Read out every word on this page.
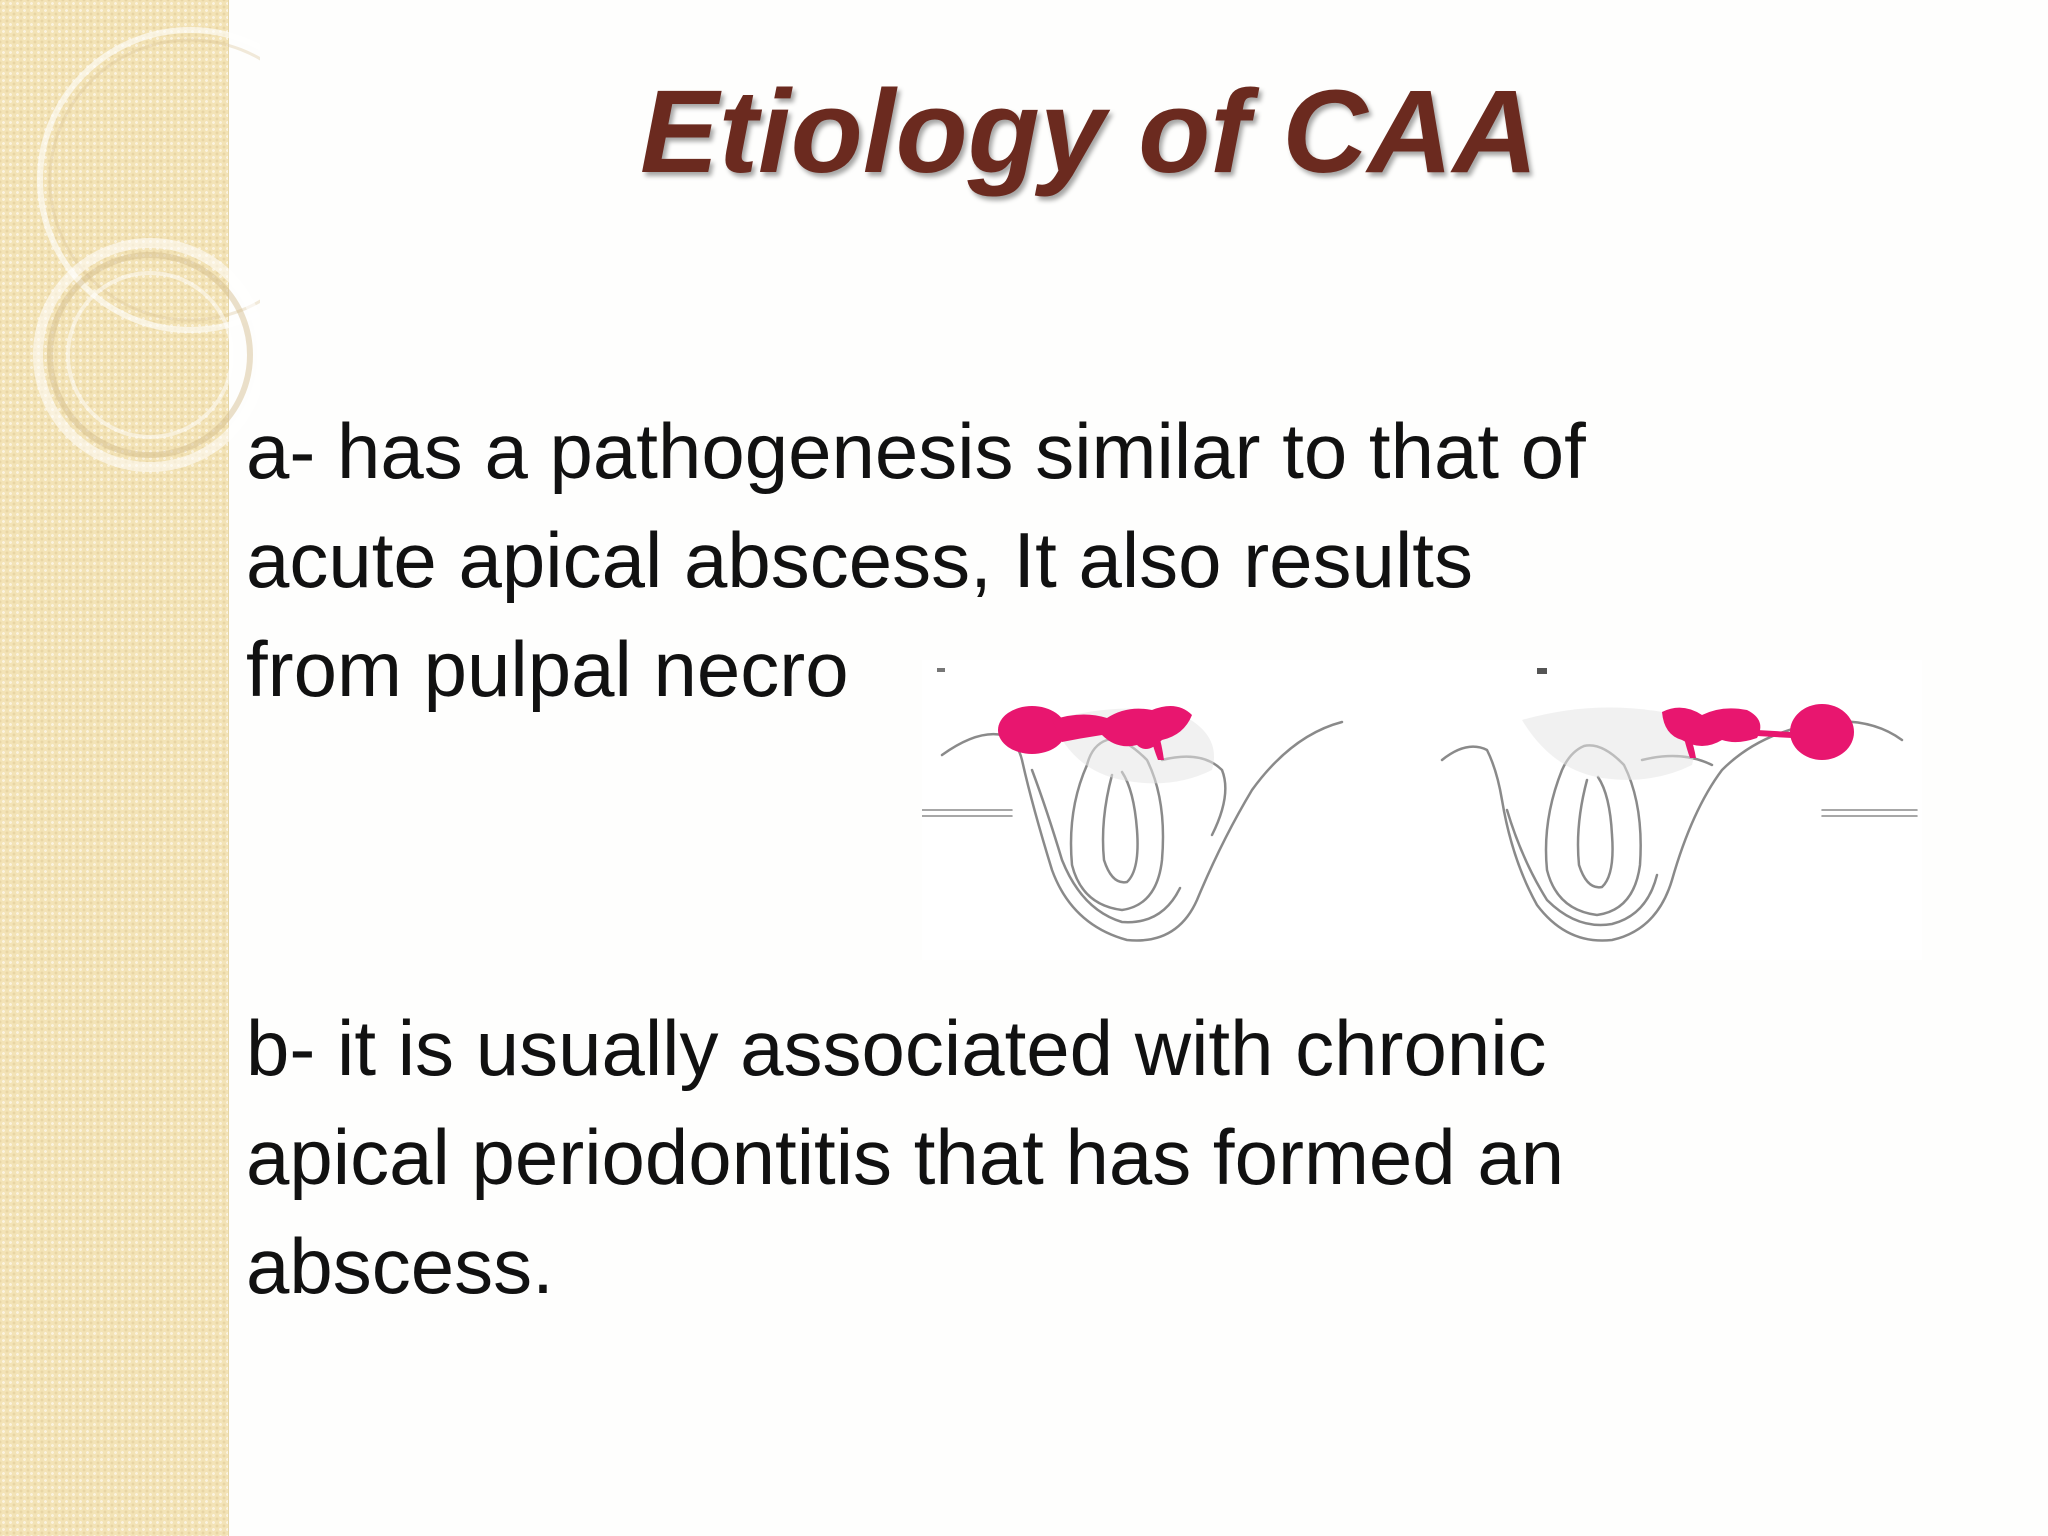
Etiology of CAA

a- has a pathogenesis similar to that of
acute apical abscess, It also results
from pulpal necro

b- it is usually associated with chronic
apical periodontitis that has formed an
abscess.
